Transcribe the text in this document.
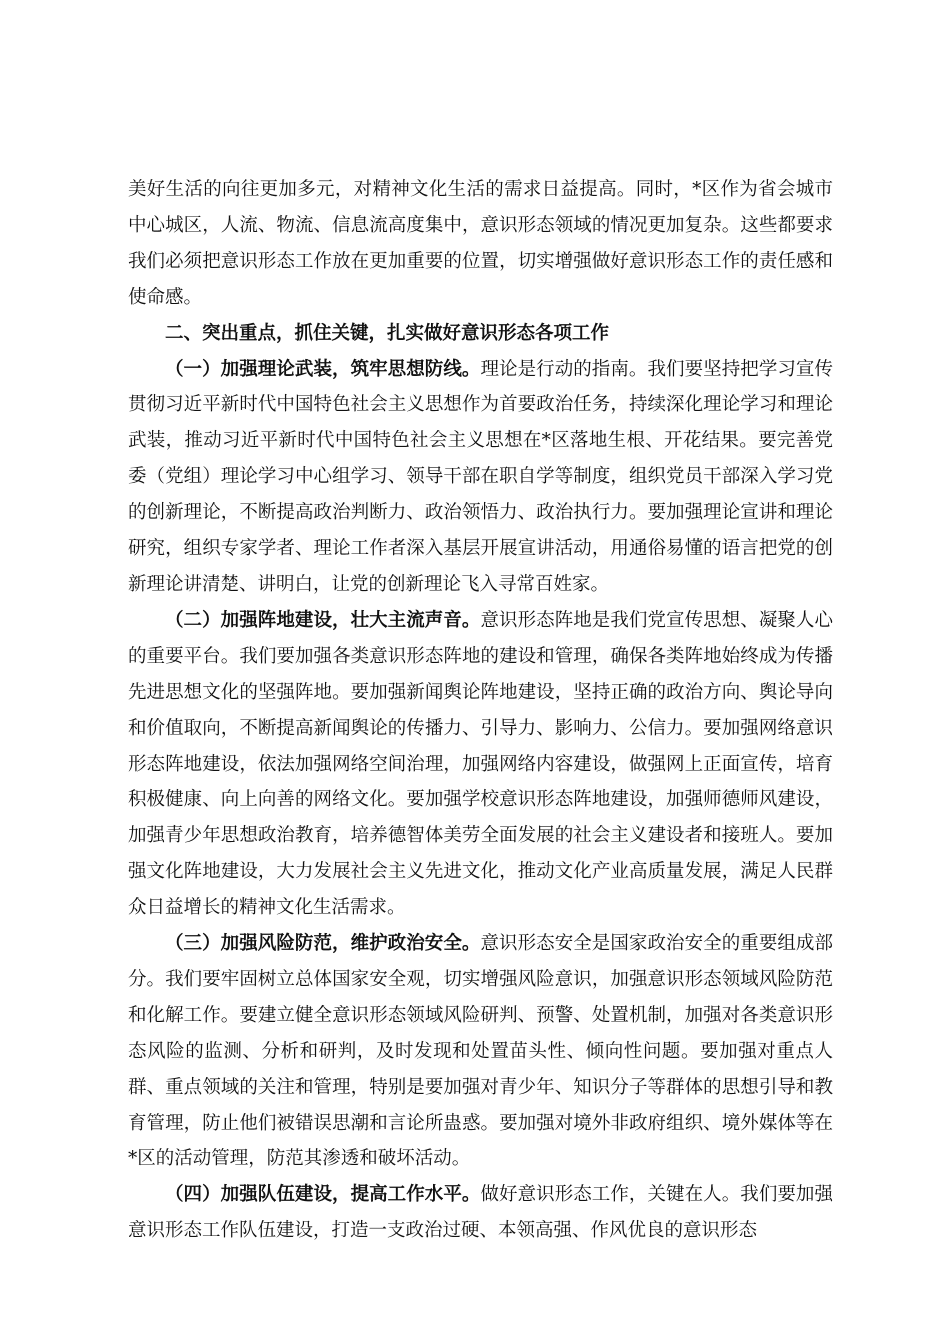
美好生活的向往更加多元，对精神文化生活的需求日益提高。同时，*区作为省会城市中心城区，人流、物流、信息流高度集中，意识形态领域的情况更加复杂。这些都要求我们必须把意识形态工作放在更加重要的位置，切实增强做好意识形态工作的责任感和使命感。

二、突出重点，抓住关键，扎实做好意识形态各项工作

（一）加强理论武装，筑牢思想防线。理论是行动的指南。我们要坚持把学习宣传贯彻习近平新时代中国特色社会主义思想作为首要政治任务，持续深化理论学习和理论武装，推动习近平新时代中国特色社会主义思想在*区落地生根、开花结果。要完善党委（党组）理论学习中心组学习、领导干部在职自学等制度，组织党员干部深入学习党的创新理论，不断提高政治判断力、政治领悟力、政治执行力。要加强理论宣讲和理论研究，组织专家学者、理论工作者深入基层开展宣讲活动，用通俗易懂的语言把党的创新理论讲清楚、讲明白，让党的创新理论飞入寻常百姓家。

（二）加强阵地建设，壮大主流声音。意识形态阵地是我们党宣传思想、凝聚人心的重要平台。我们要加强各类意识形态阵地的建设和管理，确保各类阵地始终成为传播先进思想文化的坚强阵地。要加强新闻舆论阵地建设，坚持正确的政治方向、舆论导向和价值取向，不断提高新闻舆论的传播力、引导力、影响力、公信力。要加强网络意识形态阵地建设，依法加强网络空间治理，加强网络内容建设，做强网上正面宣传，培育积极健康、向上向善的网络文化。要加强学校意识形态阵地建设，加强师德师风建设，加强青少年思想政治教育，培养德智体美劳全面发展的社会主义建设者和接班人。要加强文化阵地建设，大力发展社会主义先进文化，推动文化产业高质量发展，满足人民群众日益增长的精神文化生活需求。

（三）加强风险防范，维护政治安全。意识形态安全是国家政治安全的重要组成部分。我们要牢固树立总体国家安全观，切实增强风险意识，加强意识形态领域风险防范和化解工作。要建立健全意识形态领域风险研判、预警、处置机制，加强对各类意识形态风险的监测、分析和研判，及时发现和处置苗头性、倾向性问题。要加强对重点人群、重点领域的关注和管理，特别是要加强对青少年、知识分子等群体的思想引导和教育管理，防止他们被错误思潮和言论所蛊惑。要加强对境外非政府组织、境外媒体等在*区的活动管理，防范其渗透和破坏活动。

（四）加强队伍建设，提高工作水平。做好意识形态工作，关键在人。我们要加强意识形态工作队伍建设，打造一支政治过硬、本领高强、作风优良的意识形态
